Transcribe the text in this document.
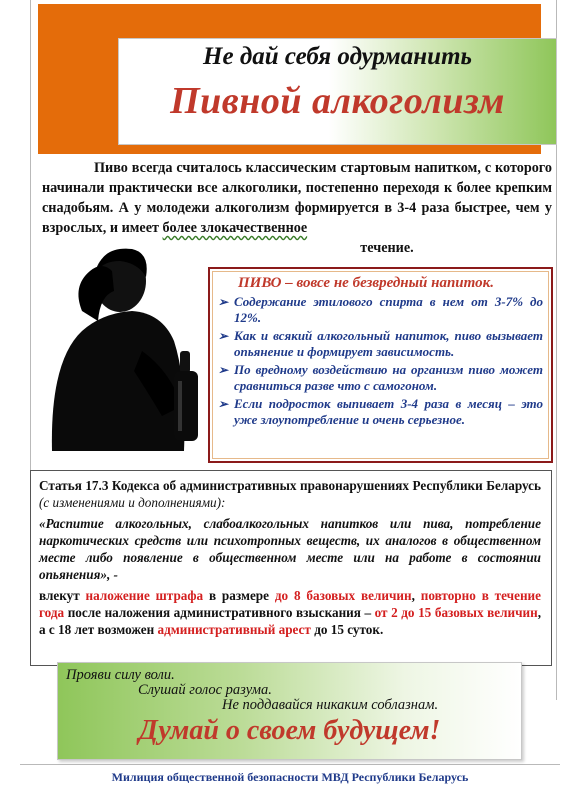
Не дай себя одурманить
Пивной алкоголизм

Пиво всегда считалось классическим стартовым напитком, с которого начинали практически все алкоголики, постепенно переходя к более крепким снадобьям. А у молодежи алкоголизм формируется в 3-4 раза быстрее, чем у взрослых, и имеет более злокачественное

течение.

ПИВО – вовсе не безвредный напиток.
➢ Содержание этилового спирта в нем от 3-7% до 12%.
➢ Как и всякий алкогольный напиток, пиво вызывает опьянение и формирует зависимость.
➢ По вредному воздействию на организм пиво может сравниться разве что с самогоном.
➢ Если подросток выпивает 3-4 раза в месяц – это уже злоупотребление и очень серьезное.

Статья 17.3 Кодекса об административных правонарушениях Республики Беларусь (с изменениями и дополнениями):

«Распитие алкогольных, слабоалкогольных напитков или пива, потребление наркотических средств или психотропных веществ, их аналогов в общественном месте либо появление в общественном месте или на работе в состоянии опьянения», -

влекут наложение штрафа в размере до 8 базовых величин, повторно в течение года после наложения административного взыскания – от 2 до 15 базовых величин, а с 18 лет возможен административный арест до 15 суток.

Прояви силу воли.
Слушай голос разума.
Не поддавайся никаким соблазнам.
Думай о своем будущем!
Милиция общественной безопасности МВД Республики Беларусь
